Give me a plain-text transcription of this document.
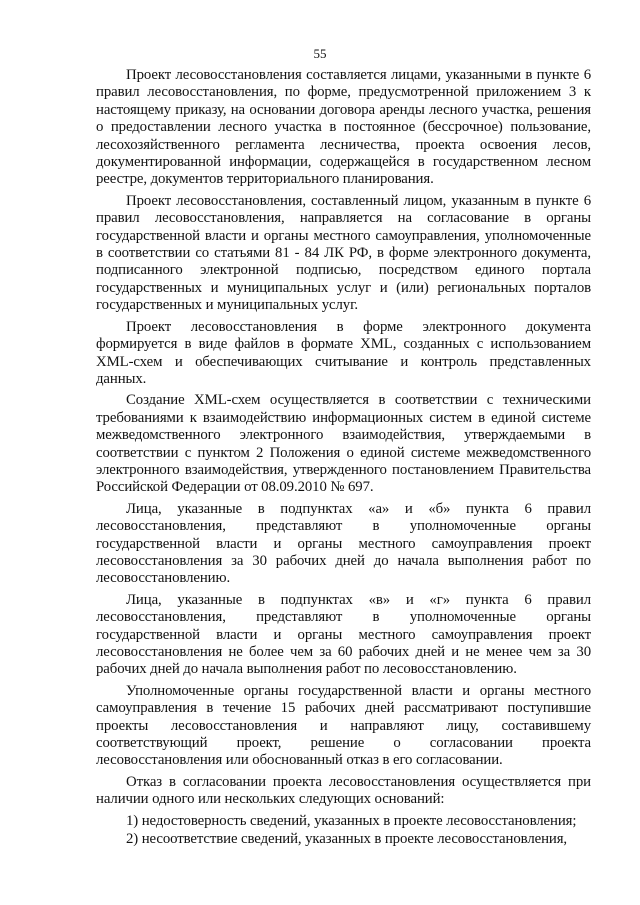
55

Проект лесовосстановления составляется лицами, указанными в пункте 6 правил лесовосстановления, по форме, предусмотренной приложением 3 к настоящему приказу, на основании договора аренды лесного участка, решения о предоставлении лесного участка в постоянное (бессрочное) пользование, лесохозяйственного регламента лесничества, проекта освоения лесов, документированной информации, содержащейся в государственном лесном реестре, документов территориального планирования.

Проект лесовосстановления, составленный лицом, указанным в пункте 6 правил лесовосстановления, направляется на согласование в органы государственной власти и органы местного самоуправления, уполномоченные в соответствии со статьями 81 - 84 ЛК РФ, в форме электронного документа, подписанного электронной подписью, посредством единого портала государственных и муниципальных услуг и (или) региональных порталов государственных и муниципальных услуг.

Проект лесовосстановления в форме электронного документа формируется в виде файлов в формате XML, созданных с использованием XML-схем и обеспечивающих считывание и контроль представленных данных.

Создание XML-схем осуществляется в соответствии с техническими требованиями к взаимодействию информационных систем в единой системе межведомственного электронного взаимодействия, утверждаемыми в соответствии с пунктом 2 Положения о единой системе межведомственного электронного взаимодействия, утвержденного постановлением Правительства Российской Федерации от 08.09.2010 № 697.

Лица, указанные в подпунктах «а» и «б» пункта 6 правил лесовосстановления, представляют в уполномоченные органы государственной власти и органы местного самоуправления проект лесовосстановления за 30 рабочих дней до начала выполнения работ по лесовосстановлению.

Лица, указанные в подпунктах «в» и «г» пункта 6 правил лесовосстановления, представляют в уполномоченные органы государственной власти и органы местного самоуправления проект лесовосстановления не более чем за 60 рабочих дней и не менее чем за 30 рабочих дней до начала выполнения работ по лесовосстановлению.

Уполномоченные органы государственной власти и органы местного самоуправления в течение 15 рабочих дней рассматривают поступившие проекты лесовосстановления и направляют лицу, составившему соответствующий проект, решение о согласовании проекта лесовосстановления или обоснованный отказ в его согласовании.

Отказ в согласовании проекта лесовосстановления осуществляется при наличии одного или нескольких следующих оснований:

1) недостоверность сведений, указанных в проекте лесовосстановления;

2) несоответствие сведений, указанных в проекте лесовосстановления,
